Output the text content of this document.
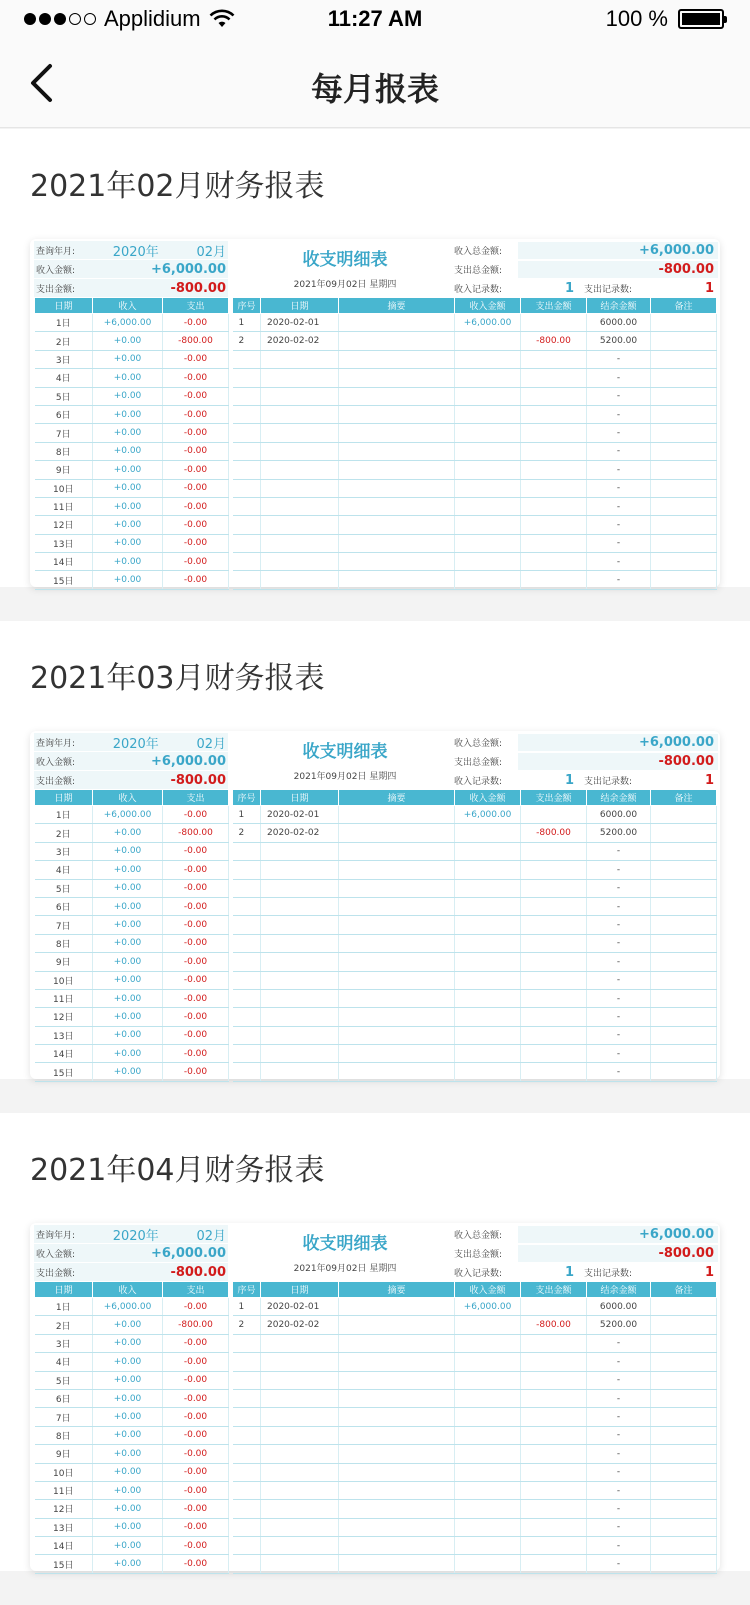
Applidium	11:27 AM	100 %
每月报表
2021年02月财务报表
查询年月:	2020年	02月
收入金额:	+6,000.00
支出金额:	-800.00
收支明细表
2021年09月02日 星期四
收入总金额:	+6,000.00
支出总金额:	-800.00
收入记录数:	1	支出记录数:	1
日期	收入	支出
1日	+6,000.00	-0.00
2日	+0.00	-800.00
3日	+0.00	-0.00
4日	+0.00	-0.00
5日	+0.00	-0.00
6日	+0.00	-0.00
7日	+0.00	-0.00
8日	+0.00	-0.00
9日	+0.00	-0.00
10日	+0.00	-0.00
11日	+0.00	-0.00
12日	+0.00	-0.00
13日	+0.00	-0.00
14日	+0.00	-0.00
15日	+0.00	-0.00
序号	日期	摘要	收入金额	支出金额	结余金额	备注
1	2020-02-01		+6,000.00		6000.00	
2	2020-02-02			-800.00	5200.00	
					-	
					-	
					-	
					-	
					-	
					-	
					-	
					-	
					-	
					-	
					-	
					-	
					-	
2021年03月财务报表
查询年月:	2020年	02月
收入金额:	+6,000.00
支出金额:	-800.00
收支明细表
2021年09月02日 星期四
收入总金额:	+6,000.00
支出总金额:	-800.00
收入记录数:	1	支出记录数:	1
日期	收入	支出
1日	+6,000.00	-0.00
2日	+0.00	-800.00
3日	+0.00	-0.00
4日	+0.00	-0.00
5日	+0.00	-0.00
6日	+0.00	-0.00
7日	+0.00	-0.00
8日	+0.00	-0.00
9日	+0.00	-0.00
10日	+0.00	-0.00
11日	+0.00	-0.00
12日	+0.00	-0.00
13日	+0.00	-0.00
14日	+0.00	-0.00
15日	+0.00	-0.00
序号	日期	摘要	收入金额	支出金额	结余金额	备注
1	2020-02-01		+6,000.00		6000.00	
2	2020-02-02			-800.00	5200.00	
					-	
					-	
					-	
					-	
					-	
					-	
					-	
					-	
					-	
					-	
					-	
					-	
					-	
2021年04月财务报表
查询年月:	2020年	02月
收入金额:	+6,000.00
支出金额:	-800.00
收支明细表
2021年09月02日 星期四
收入总金额:	+6,000.00
支出总金额:	-800.00
收入记录数:	1	支出记录数:	1
日期	收入	支出
1日	+6,000.00	-0.00
2日	+0.00	-800.00
3日	+0.00	-0.00
4日	+0.00	-0.00
5日	+0.00	-0.00
6日	+0.00	-0.00
7日	+0.00	-0.00
8日	+0.00	-0.00
9日	+0.00	-0.00
10日	+0.00	-0.00
11日	+0.00	-0.00
12日	+0.00	-0.00
13日	+0.00	-0.00
14日	+0.00	-0.00
15日	+0.00	-0.00
序号	日期	摘要	收入金额	支出金额	结余金额	备注
1	2020-02-01		+6,000.00		6000.00	
2	2020-02-02			-800.00	5200.00	
					-	
					-	
					-	
					-	
					-	
					-	
					-	
					-	
					-	
					-	
					-	
					-	
					-	
